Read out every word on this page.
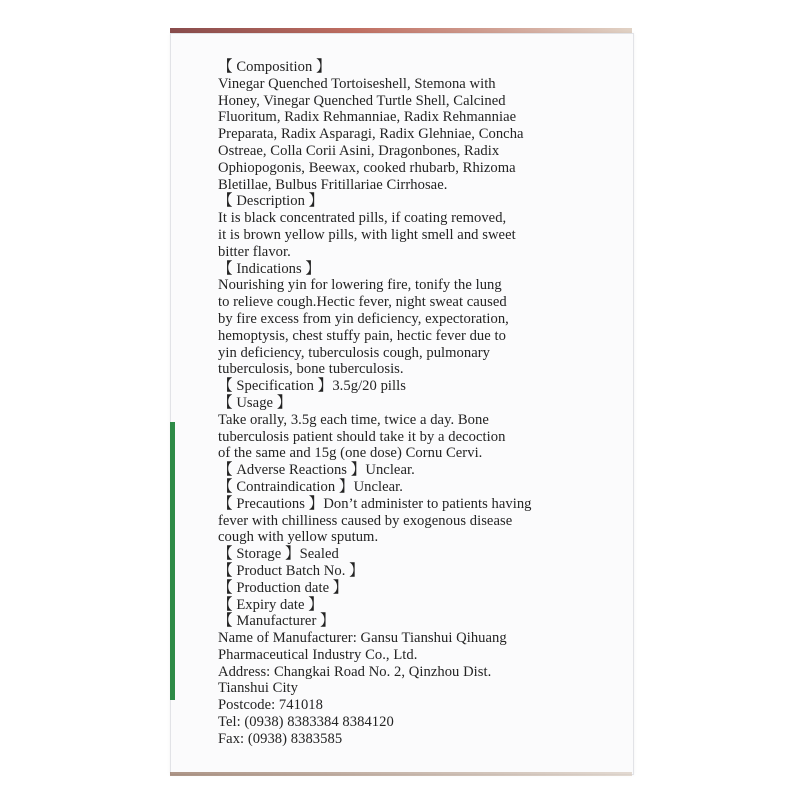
【 Composition 】
Vinegar Quenched Tortoiseshell, Stemona with
Honey, Vinegar Quenched Turtle Shell, Calcined
Fluoritum, Radix Rehmanniae, Radix Rehmanniae
Preparata, Radix Asparagi, Radix Glehniae, Concha
Ostreae, Colla Corii Asini, Dragonbones, Radix
Ophiopogonis, Beewax, cooked rhubarb, Rhizoma
Bletillae, Bulbus Fritillariae Cirrhosae.
【 Description 】
It is black concentrated pills, if coating removed,
it is brown yellow pills, with light smell and sweet
bitter flavor.
【 Indications 】
Nourishing yin for lowering fire, tonify the lung
to relieve cough.Hectic fever, night sweat caused
by fire excess from yin deficiency, expectoration,
hemoptysis, chest stuffy pain, hectic fever due to
yin deficiency, tuberculosis cough, pulmonary
tuberculosis, bone tuberculosis.
【 Specification 】3.5g/20 pills
【 Usage 】
Take orally, 3.5g each time, twice a day. Bone
tuberculosis patient should take it by a decoction
of the same and 15g (one dose) Cornu Cervi.
【 Adverse Reactions 】Unclear.
【 Contraindication 】Unclear.
【 Precautions 】Don’t administer to patients having
fever with chilliness caused by exogenous disease
cough with yellow sputum.
【 Storage 】Sealed
【 Product Batch No. 】
【 Production date 】
【 Expiry date 】
【 Manufacturer 】
Name of Manufacturer: Gansu Tianshui Qihuang
Pharmaceutical Industry Co., Ltd.
Address: Changkai Road No. 2, Qinzhou Dist.
Tianshui City
Postcode: 741018
Tel: (0938) 8383384 8384120
Fax: (0938) 8383585
